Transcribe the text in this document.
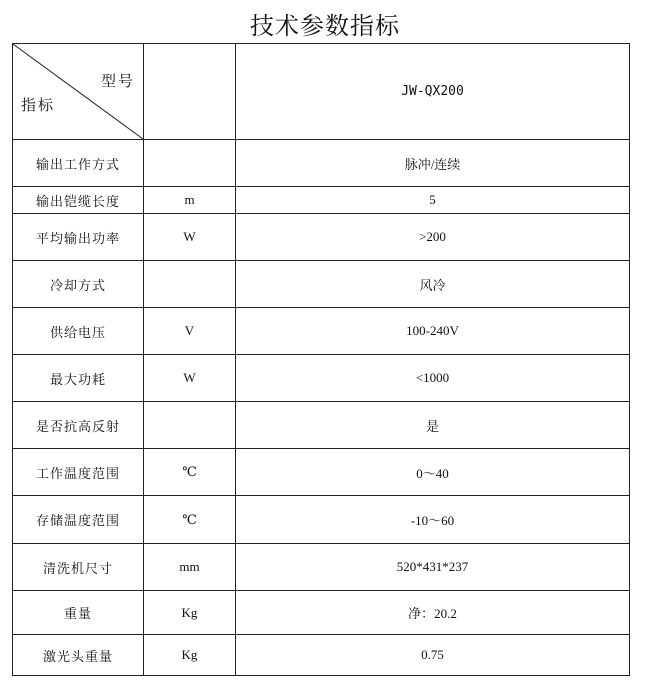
技术参数指标
型号
指标		JW-QX200
输出工作方式		脉冲/连续
输出铠缆长度	m	5
平均输出功率	W	>200
冷却方式		风冷
供给电压	V	100-240V
最大功耗	W	<1000
是否抗高反射		是
工作温度范围	℃	0～40
存储温度范围	℃	-10～60
清洗机尺寸	mm	520*431*237
重量	Kg	净：20.2
激光头重量	Kg	0.75
